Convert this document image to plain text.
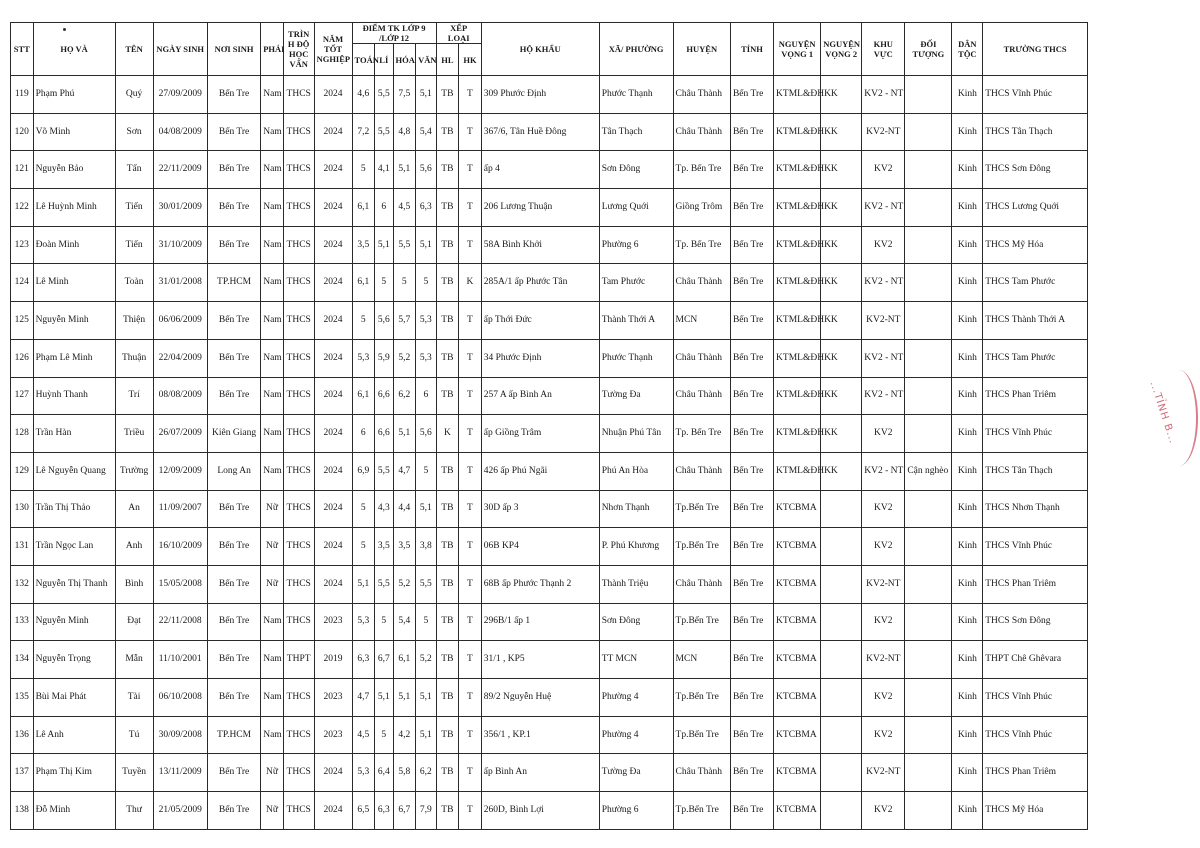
STT	HỌ VÀ	TÊN	NGÀY SINH	NƠI SINH	PHÁI	TRÌN H ĐỘ HỌC VẤN	NĂM TỐT NGHIỆP	ĐIỂM TK LỚP 9 /LỚP 12				XẾP LOẠI		HỘ KHẨU	XÃ/ PHƯỜNG	HUYỆN	TỈNH	NGUYỆN VỌNG 1	NGUYỆN VỌNG 2	KHU VỰC	ĐỐI TƯỢNG	DÂN TỘC	TRƯỜNG THCS
								TOÁN	LÍ	HÓA	VĂN	HL	HK										
119	Phạm Phú	Quý	27/09/2009	Bến Tre	Nam	THCS	2024	4,6	5,5	7,5	5,1	TB	T	309 Phước Định	Phước Thạnh	Châu Thành	Bến Tre	KTML&ĐHKK		KV2 - NT		Kinh	THCS Vĩnh Phúc
120	Võ Minh	Sơn	04/08/2009	Bến Tre	Nam	THCS	2024	7,2	5,5	4,8	5,4	TB	T	367/6, Tân Huề Đông	Tân Thạch	Châu Thành	Bến Tre	KTML&ĐHKK		KV2-NT		Kinh	THCS Tân Thạch
121	Nguyễn Bảo	Tấn	22/11/2009	Bến Tre	Nam	THCS	2024	5	4,1	5,1	5,6	TB	T	ấp 4	Sơn Đông	Tp. Bến Tre	Bến Tre	KTML&ĐHKK		KV2		Kinh	THCS Sơn Đông
122	Lê Huỳnh Minh	Tiến	30/01/2009	Bến Tre	Nam	THCS	2024	6,1	6	4,5	6,3	TB	T	206 Lương Thuận	Lương Quới	Giồng Trôm	Bến Tre	KTML&ĐHKK		KV2 - NT		Kinh	THCS Lương Quới
123	Đoàn Minh	Tiến	31/10/2009	Bến Tre	Nam	THCS	2024	3,5	5,1	5,5	5,1	TB	T	58A Bình Khởi	Phường 6	Tp. Bến Tre	Bến Tre	KTML&ĐHKK		KV2		Kinh	THCS Mỹ Hóa
124	Lê Minh	Toàn	31/01/2008	TP.HCM	Nam	THCS	2024	6,1	5	5	5	TB	K	285A/1 ấp Phước Tân	Tam Phước	Châu Thành	Bến Tre	KTML&ĐHKK		KV2 - NT		Kinh	THCS Tam Phước
125	Nguyễn Minh	Thiện	06/06/2009	Bến Tre	Nam	THCS	2024	5	5,6	5,7	5,3	TB	T	ấp Thới Đức	Thành Thới A	MCN	Bến Tre	KTML&ĐHKK		KV2-NT		Kinh	THCS Thành Thới A
126	Phạm Lê Minh	Thuận	22/04/2009	Bến Tre	Nam	THCS	2024	5,3	5,9	5,2	5,3	TB	T	34 Phước Định	Phước Thạnh	Châu Thành	Bến Tre	KTML&ĐHKK		KV2 - NT		Kinh	THCS Tam Phước
127	Huỳnh Thanh	Trí	08/08/2009	Bến Tre	Nam	THCS	2024	6,1	6,6	6,2	6	TB	T	257 A ấp Bình An	Tường Đa	Châu Thành	Bến Tre	KTML&ĐHKK		KV2 - NT		Kinh	THCS Phan Triêm
128	Trần Hàn	Triều	26/07/2009	Kiên Giang	Nam	THCS	2024	6	6,6	5,1	5,6	K	T	ấp Giồng Trâm	Nhuận Phú Tân	Tp. Bến Tre	Bến Tre	KTML&ĐHKK		KV2		Kinh	THCS Vĩnh Phúc
129	Lê Nguyễn Quang	Trường	12/09/2009	Long An	Nam	THCS	2024	6,9	5,5	4,7	5	TB	T	426 ấp Phú Ngãi	Phú An Hòa	Châu Thành	Bến Tre	KTML&ĐHKK		KV2 - NT	Cận nghèo	Kinh	THCS Tân Thạch
130	Trần Thị Thảo	An	11/09/2007	Bến Tre	Nữ	THCS	2024	5	4,3	4,4	5,1	TB	T	30D ấp 3	Nhơn Thạnh	Tp.Bến Tre	Bến Tre	KTCBMA		KV2		Kinh	THCS Nhơn Thạnh
131	Trần Ngọc Lan	Anh	16/10/2009	Bến Tre	Nữ	THCS	2024	5	3,5	3,5	3,8	TB	T	06B KP4	P. Phú Khương	Tp.Bến Tre	Bến Tre	KTCBMA		KV2		Kinh	THCS Vĩnh Phúc
132	Nguyễn Thị Thanh	Bình	15/05/2008	Bến Tre	Nữ	THCS	2024	5,1	5,5	5,2	5,5	TB	T	68B ấp Phước Thạnh 2	Thành Triệu	Châu Thành	Bến Tre	KTCBMA		KV2-NT		Kinh	THCS Phan Triêm
133	Nguyễn Minh	Đạt	22/11/2008	Bến Tre	Nam	THCS	2023	5,3	5	5,4	5	TB	T	296B/1 ấp 1	Sơn Đông	Tp.Bến Tre	Bến Tre	KTCBMA		KV2		Kinh	THCS Sơn Đông
134	Nguyễn Trọng	Mẫn	11/10/2001	Bến Tre	Nam	THPT	2019	6,3	6,7	6,1	5,2	TB	T	31/1 , KP5	TT MCN	MCN	Bến Tre	KTCBMA		KV2-NT		Kinh	THPT Chê Ghêvara
135	Bùi Mai Phát	Tài	06/10/2008	Bến Tre	Nam	THCS	2023	4,7	5,1	5,1	5,1	TB	T	89/2 Nguyễn Huệ	Phường 4	Tp.Bến Tre	Bến Tre	KTCBMA		KV2		Kinh	THCS Vĩnh Phúc
136	Lê Anh	Tú	30/09/2008	TP.HCM	Nam	THCS	2023	4,5	5	4,2	5,1	TB	T	356/1 , KP.1	Phường 4	Tp.Bến Tre	Bến Tre	KTCBMA		KV2		Kinh	THCS Vĩnh Phúc
137	Phạm Thị Kim	Tuyền	13/11/2009	Bến Tre	Nữ	THCS	2024	5,3	6,4	5,8	6,2	TB	T	ấp Bình An	Tường Đa	Châu Thành	Bến Tre	KTCBMA		KV2-NT		Kinh	THCS Phan Triêm
138	Đỗ Minh	Thư	21/05/2009	Bến Tre	Nữ	THCS	2024	6,5	6,3	6,7	7,9	TB	T	260D, Bình Lợi	Phường 6	Tp.Bến Tre	Bến Tre	KTCBMA		KV2		Kinh	THCS Mỹ Hóa
...TỈNH B...
